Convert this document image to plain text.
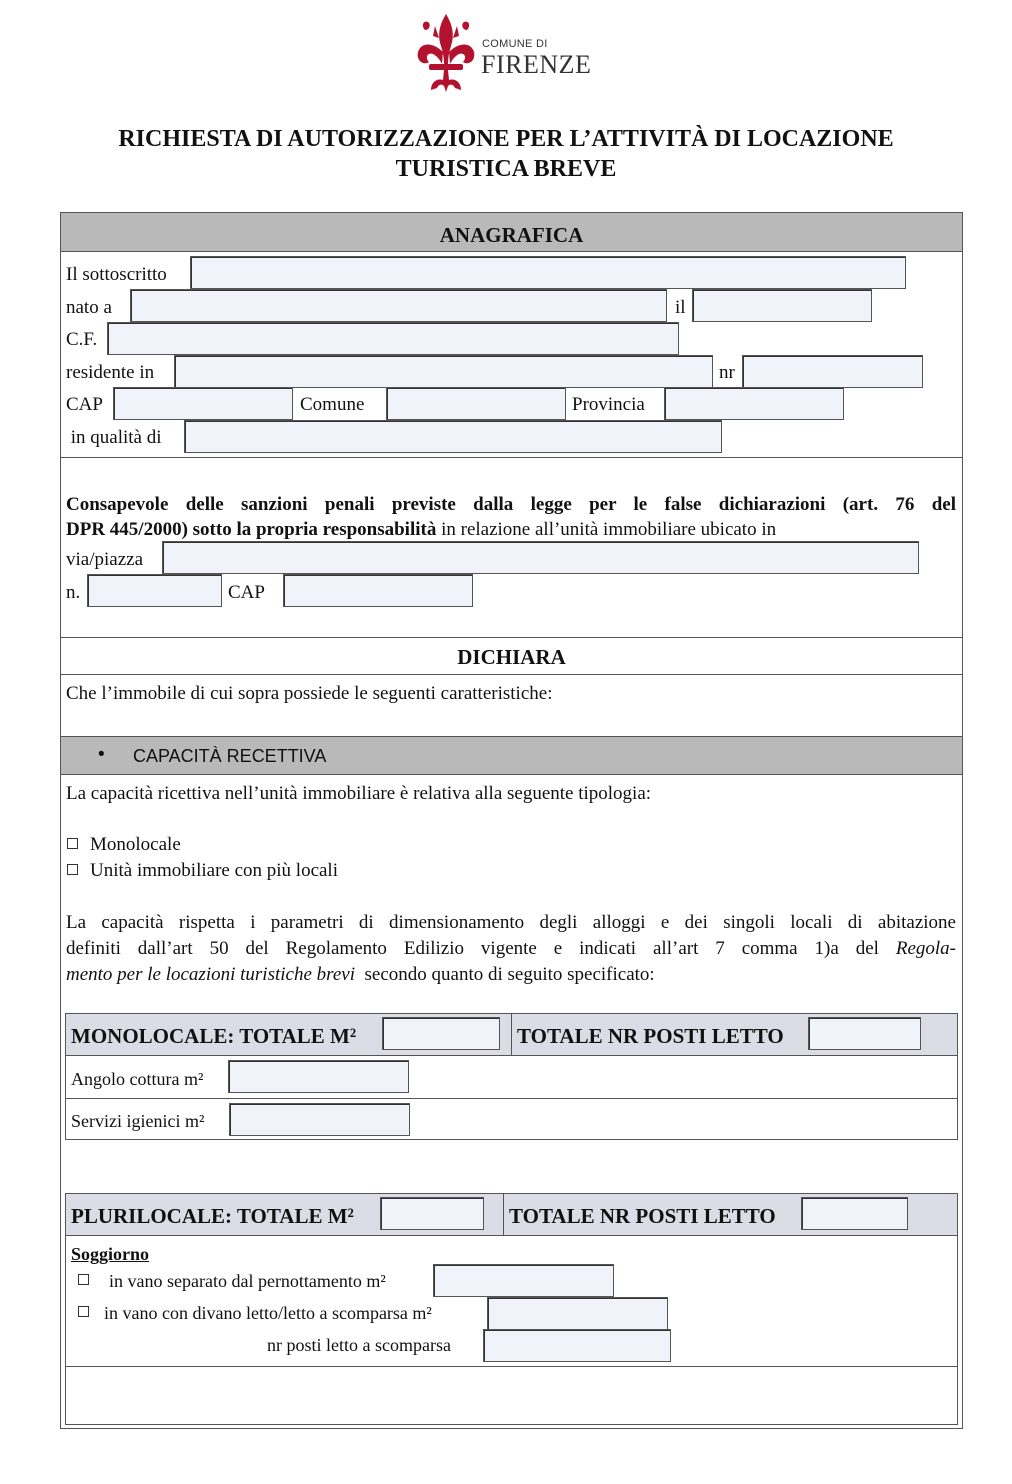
COMUNE DI
FIRENZE
RICHIESTA DI AUTORIZZAZIONE PER L’ATTIVITÀ DI LOCAZIONE
TURISTICA BREVE
ANAGRAFICA
Il sottoscritto
nato a	il
C.F.
residente in	nr
CAP	Comune	Provincia
in qualità di
Consapevole delle sanzioni penali previste dalla legge per le false dichiarazioni (art. 76 del
DPR 445/2000) sotto la propria responsabilità in relazione all’unità immobiliare ubicato in
via/piazza
n.	CAP
DICHIARA
Che l’immobile di cui sopra possiede le seguenti caratteristiche:
• CAPACITÀ RECETTIVA
La capacità ricettiva nell’unità immobiliare è relativa alla seguente tipologia:
Monolocale
Unità immobiliare con più locali
La capacità rispetta i parametri di dimensionamento degli alloggi e dei singoli locali di abitazione
definiti dall’art 50 del Regolamento Edilizio vigente e indicati all’art 7 comma 1)a del Regola-
mento per le locazioni turistiche brevi  secondo quanto di seguito specificato:
MONOLOCALE: TOTALE M²	TOTALE NR POSTI LETTO
Angolo cottura m²
Servizi igienici m²
PLURILOCALE: TOTALE M²	TOTALE NR POSTI LETTO
Soggiorno
in vano separato dal pernottamento m²
in vano con divano letto/letto a scomparsa m²
nr posti letto a scomparsa
